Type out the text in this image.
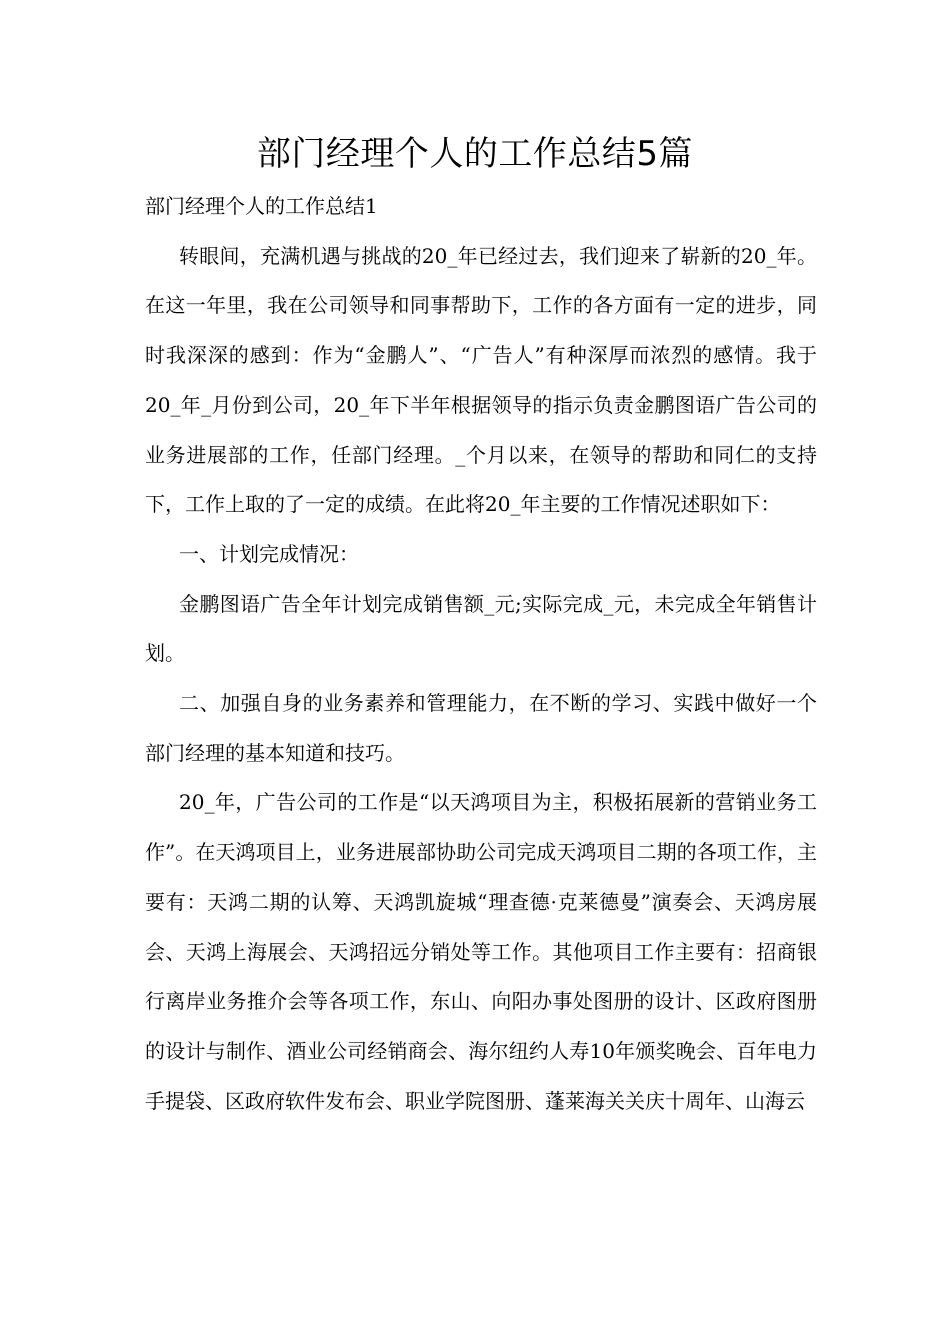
部门经理个人的工作总结5篇

部门经理个人的工作总结1

转眼间，充满机遇与挑战的20_年已经过去，我们迎来了崭新的20_年。在这一年里，我在公司领导和同事帮助下，工作的各方面有一定的进步，同时我深深的感到：作为“金鹏人”、“广告人”有种深厚而浓烈的感情。我于20_年_月份到公司，20_年下半年根据领导的指示负责金鹏图语广告公司的业务进展部的工作，任部门经理。_个月以来，在领导的帮助和同仁的支持下，工作上取的了一定的成绩。在此将20_年主要的工作情况述职如下：

一、计划完成情况：

金鹏图语广告全年计划完成销售额_元;实际完成_元，未完成全年销售计划。

二、加强自身的业务素养和管理能力，在不断的学习、实践中做好一个部门经理的基本知道和技巧。

20_年，广告公司的工作是“以天鸿项目为主，积极拓展新的营销业务工作”。在天鸿项目上，业务进展部协助公司完成天鸿项目二期的各项工作，主要有：天鸿二期的认筹、天鸿凯旋城“理查德·克莱德曼”演奏会、天鸿房展会、天鸿上海展会、天鸿招远分销处等工作。其他项目工作主要有：招商银行离岸业务推介会等各项工作，东山、向阳办事处图册的设计、区政府图册的设计与制作、酒业公司经销商会、海尔纽约人寿10年颁奖晚会、百年电力手提袋、区政府软件发布会、职业学院图册、蓬莱海关关庆十周年、山海云
